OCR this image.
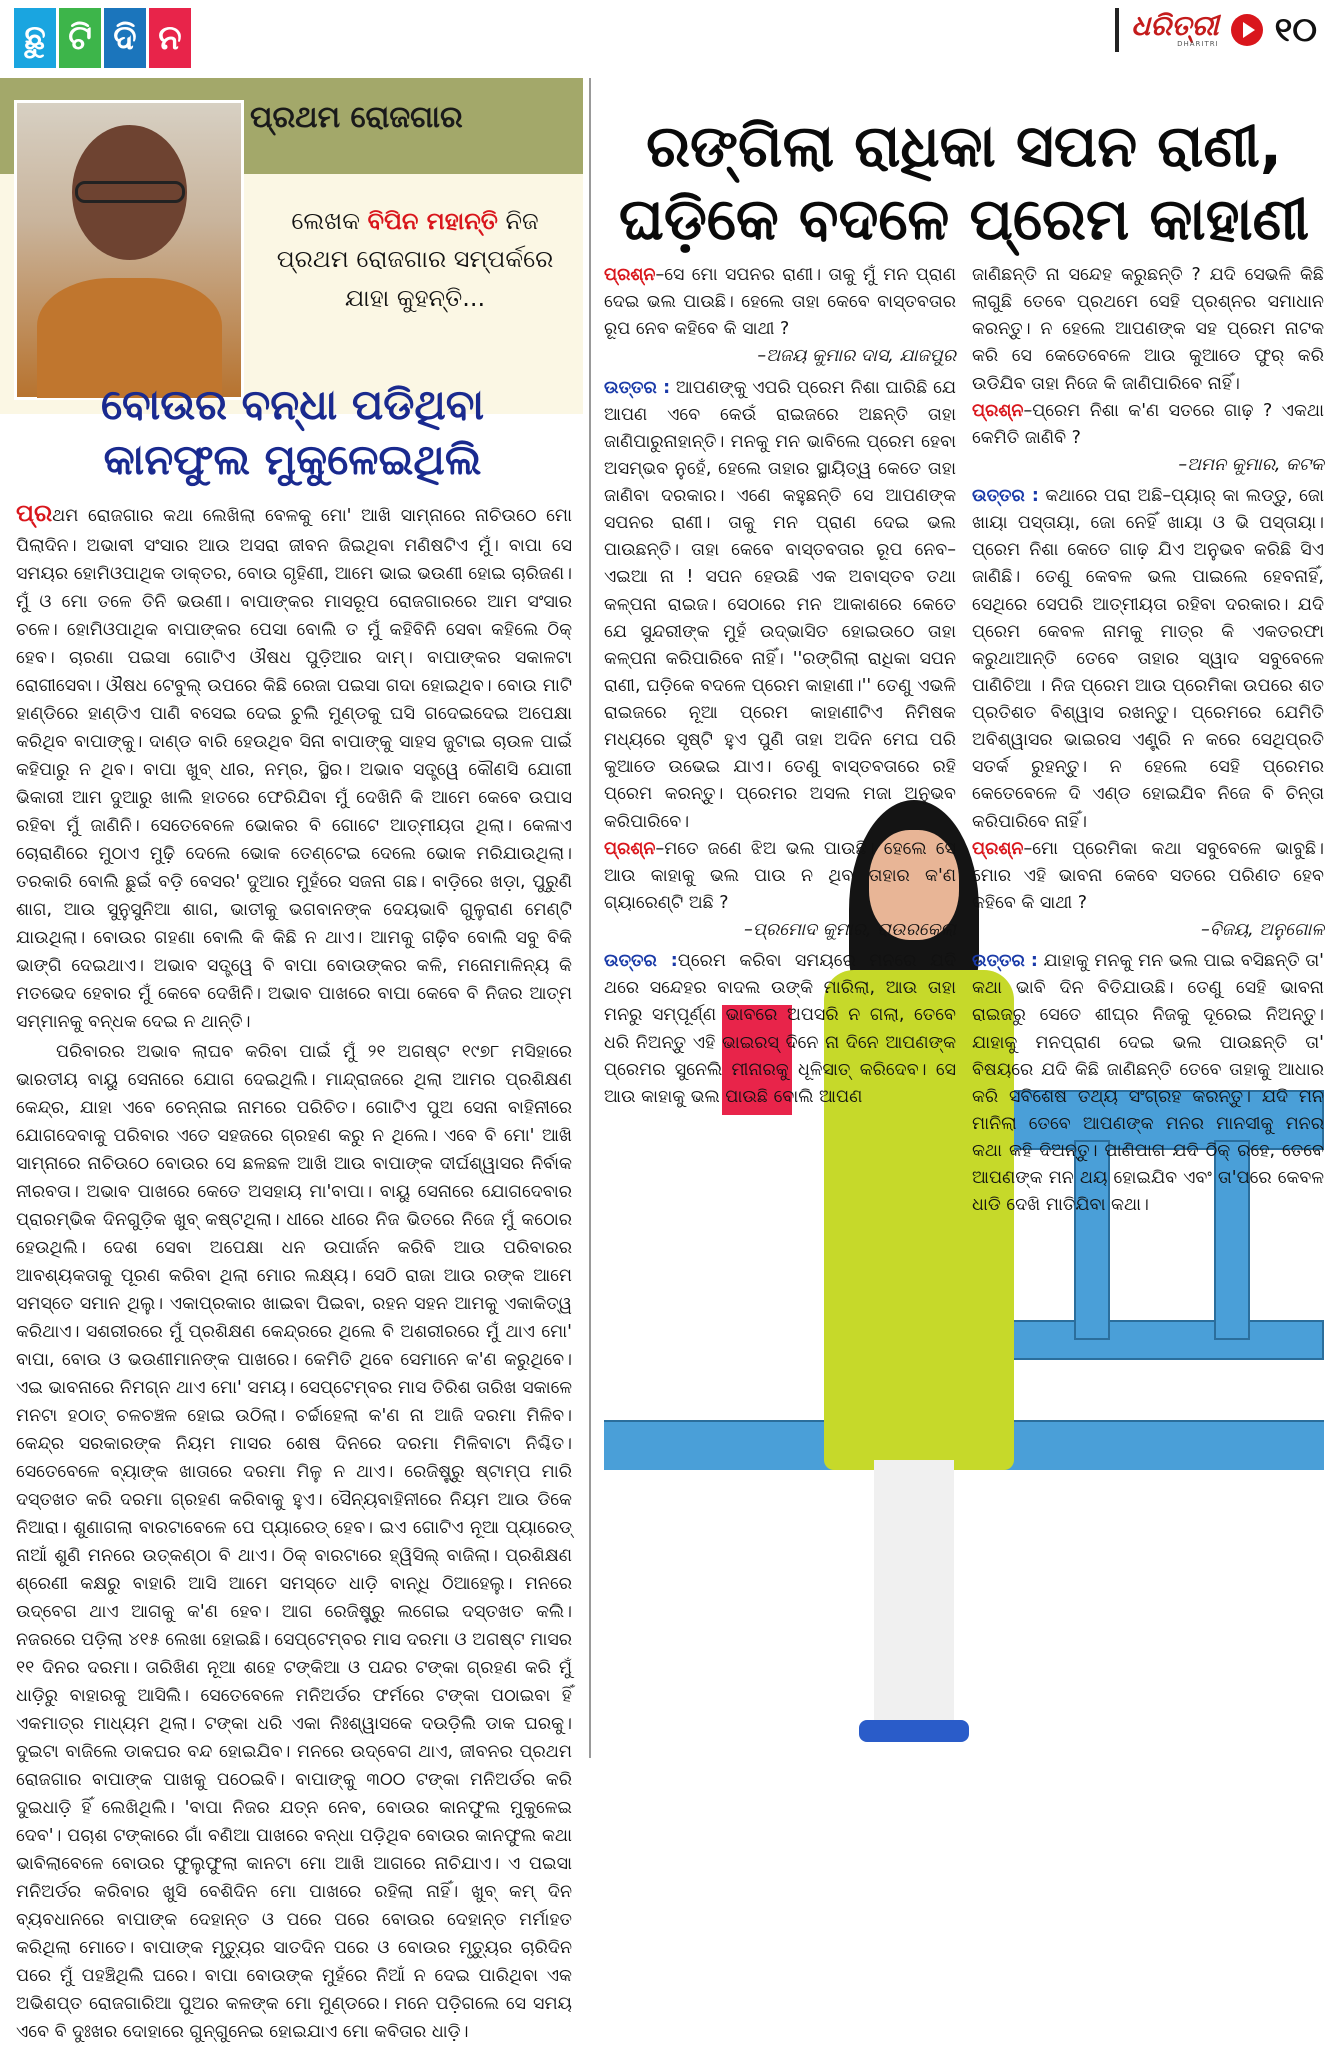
ଛୁ ଟି ଦି ନ	ଧରିତ୍ରୀ
DHARITRI ୧୦
ପ୍ରଥମ ରୋଜଗାର
ଲେଖକ ବିପିନ ମହାନ୍ତି ନିଜ ପ୍ରଥମ ରୋଜଗାର ସମ୍ପର୍କରେ ଯାହା କୁହନ୍ତି...
ବୋଉର ବନ୍ଧା ପଡିଥିବା
କାନଫୁଲ ମୁକୁଳେଇଥିଲି

ପ୍ରଥମ ରୋଜଗାର କଥା ଲେଖିଲା ବେଳକୁ ମୋ' ଆଖି ସାମ୍ନାରେ ନାଚିଉଠେ ମୋ ପିଲାଦିନ। ଅଭାବୀ ସଂସାର ଆଉ ଅସରା ଜୀବନ ଜିଇଥିବା ମଣିଷଟିଏ ମୁଁ। ବାପା ସେ ସମୟର ହୋମିଓପାଥିକ ଡାକ୍ତର, ବୋଉ ଗୃହିଣୀ, ଆମେ ଭାଇ ଭଉଣୀ ହୋଇ ଚାରିଜଣ। ମୁଁ ଓ ମୋ ତଳେ ତିନି ଭଉଣୀ। ବାପାଙ୍କର ମାସରୂପ ରୋଜଗାରରେ ଆମ ସଂସାର ଚଳେ। ହୋମିଓପାଥିକ ବାପାଙ୍କର ପେସା ବୋଲି ତ ମୁଁ କହିବିନି ସେବା କହିଲେ ଠିକ୍ ହେବ। ଚାରଣା ପଇସା ଗୋଟିଏ ଔଷଧ ପୁଡ଼ିଆର ଦାମ୍। ବାପାଙ୍କର ସକାଳଟା ରୋଗୀସେବା। ଔଷଧ ଟେବୁଲ୍ ଉପରେ କିଛି ରେଜା ପଇସା ଗଦା ହୋଇଥିବ। ବୋଉ ମାଟି ହାଣ୍ଡିରେ ହାଣ୍ଡିଏ ପାଣି ବସେଇ ଦେଇ ଚୁଲି ମୁଣ୍ଡକୁ ଘସି ଗଦେଇଦେଇ ଅପେକ୍ଷା କରିଥିବ ବାପାଙ୍କୁ। ଦାଣ୍ଡ ବାରି ହେଉଥିବ ସିନା ବାପାଙ୍କୁ ସାହସ ଜୁଟାଇ ଚାଉଳ ପାଇଁ କହିପାରୁ ନ ଥିବ। ବାପା ଖୁବ୍ ଧୀର, ନମ୍ର, ସ୍ଥିର। ଅଭାବ ସତ୍ତ୍ୱେ କୌଣସି ଯୋଗୀ ଭିକାରୀ ଆମ ଦୁଆରୁ ଖାଲି ହାତରେ ଫେରିଯିବା ମୁଁ ଦେଖିନି କି ଆମେ କେବେ ଉପାସ ରହିବା ମୁଁ ଜାଣିନି। ସେତେବେଳେ ଭୋକର ବି ଗୋଟେ ଆତ୍ମୀୟତା ଥିଲା। କେଳାଏ ଚୋରାଣିରେ ମୁଠାଏ ମୁଢ଼ି ଦେଲେ ଭୋକ ତେଣ୍ଟେଇ ଦେଲେ ଭୋକ ମରିଯାଉଥିଲା। ତରକାରି ବୋଲି ଛୁଇଁ ବଡ଼ି ବେସର' ଦୁଆର ମୁହଁରେ ସଜନା ଗଛ। ବାଡ଼ିରେ ଖଡ଼ା, ପୁରୁଣି ଶାଗ, ଆଉ ସୁନୁସୁନିଆ ଶାଗ, ଭାତୀକୁ ଭଗବାନଙ୍କ ଦେୟଭାବି ଗୁଳୁରାଣ ମେଣ୍ଟି ଯାଉଥିଲା। ବୋଉର ଗହଣା ବୋଲି କି କିଛି ନ ଥାଏ। ଆମକୁ ଗଢ଼ିବ ବୋଲି ସବୁ ବିକି ଭାଙ୍ଗି ଦେଇଥାଏ। ଅଭାବ ସତ୍ତ୍ୱେ ବି ବାପା ବୋଉଙ୍କର କଳି, ମନୋମାଳିନ୍ୟ କି ମତଭେଦ ହେବାର ମୁଁ କେବେ ଦେଖିନି। ଅଭାବ ପାଖରେ ବାପା କେବେ ବି ନିଜର ଆତ୍ମ ସମ୍ମାନକୁ ବନ୍ଧକ ଦେଇ ନ ଥାନ୍ତି।

ପରିବାରର ଅଭାବ ଲାଘବ କରିବା ପାଇଁ ମୁଁ ୨୧ ଅଗଷ୍ଟ ୧୯୭୮ ମସିହାରେ ଭାରତୀୟ ବାୟୁ ସେନାରେ ଯୋଗ ଦେଇଥିଲି। ମାନ୍ଦ୍ରାଜରେ ଥିଲା ଆମର ପ୍ରଶିକ୍ଷଣ କେନ୍ଦ୍ର, ଯାହା ଏବେ ଚେନ୍ନାଇ ନାମରେ ପରିଚିତ। ଗୋଟିଏ ପୁଅ ସେନା ବାହିନୀରେ ଯୋଗଦେବାକୁ ପରିବାର ଏତେ ସହଜରେ ଗ୍ରହଣ କରୁ ନ ଥିଲେ। ଏବେ ବି ମୋ' ଆଖି ସାମ୍ନାରେ ନାଚିଉଠେ ବୋଉର ସେ ଛଳଛଳ ଆଖି ଆଉ ବାପାଙ୍କ ଦୀର୍ଘଶ୍ୱାସର ନିର୍ବାକ ନୀରବତା। ଅଭାବ ପାଖରେ କେତେ ଅସହାୟ ମା'ବାପା। ବାୟୁ ସେନାରେ ଯୋଗଦେବାର ପ୍ରାରମ୍ଭିକ ଦିନଗୁଡ଼ିକ ଖୁବ୍ କଷ୍ଟଥିଲା। ଧୀରେ ଧୀରେ ନିଜ ଭିତରେ ନିଜେ ମୁଁ କଠୋର ହେଉଥିଲି। ଦେଶ ସେବା ଅପେକ୍ଷା ଧନ ଉପାର୍ଜନ କରିବି ଆଉ ପରିବାରର ଆବଶ୍ୟକତାକୁ ପୂରଣ କରିବା ଥିଲା ମୋର ଲକ୍ଷ୍ୟ। ସେଠି ରାଜା ଆଉ ରଙ୍କ ଆମେ ସମସ୍ତେ ସମାନ ଥିଲୁ। ଏକାପ୍ରକାର ଖାଇବା ପିଇବା, ରହନ ସହନ ଆମକୁ ଏକାକିତ୍ୱ କରିଥାଏ। ସଶରୀରରେ ମୁଁ ପ୍ରଶିକ୍ଷଣ କେନ୍ଦ୍ରରେ ଥିଲେ ବି ଅଶରୀରରେ ମୁଁ ଥାଏ ମୋ' ବାପା, ବୋଉ ଓ ଭଉଣୀମାନଙ୍କ ପାଖରେ। କେମିତି ଥିବେ ସେମାନେ କ'ଣ କରୁଥିବେ। ଏଇ ଭାବନାରେ ନିମଗ୍ନ ଥାଏ ମୋ' ସମୟ। ସେପ୍ଟେମ୍ବର ମାସ ତିରିଶ ତାରିଖ ସକାଳେ ମନଟା ହଠାତ୍ ଚଳଚଞ୍ଚଳ ହୋଇ ଉଠିଲା। ଚର୍ଚ୍ଚାହେଲା କ'ଣ ନା ଆଜି ଦରମା ମିଳିବ। କେନ୍ଦ୍ର ସରକାରଙ୍କ ନିୟମ ମାସର ଶେଷ ଦିନରେ ଦରମା ମିଳିବାଟା ନିଶ୍ଚିତ। ସେତେବେଳେ ବ୍ୟାଙ୍କ ଖାତାରେ ଦରମା ମିଳୁ ନ ଥାଏ। ରେଜିଷ୍ଟ୍ରୁ ଷ୍ଟାମ୍ପ ମାରି ଦସ୍ତଖତ କରି ଦରମା ଗ୍ରହଣ କରିବାକୁ ହୁଏ। ସୈନ୍ୟବାହିନୀରେ ନିୟମ ଆଉ ଡିକେ ନିଆରା। ଶୁଣାଗଲା ବାରଟାବେଳେ ପେ ପ୍ୟାରେଡ୍ ହେବ। ଇଏ ଗୋଟିଏ ନୂଆ ପ୍ୟାରେଡ୍ ନାଆଁ ଶୁଣି ମନରେ ଉତ୍କଣ୍ଠା ବି ଥାଏ। ଠିକ୍ ବାରଟାରେ ହ୍ୱିସିଲ୍ ବାଜିଲା। ପ୍ରଶିକ୍ଷଣ ଶ୍ରେଣୀ କକ୍ଷରୁ ବାହାରି ଆସି ଆମେ ସମସ୍ତେ ଧାଡ଼ି ବାନ୍ଧି ଠିଆହେଲୁ। ମନରେ ଉଦ୍‌ବେଗ ଥାଏ ଆଗକୁ କ'ଣ ହେବ। ଆଗ ରେଜିଷ୍ଟ୍ରୁ ଲଗେଇ ଦସ୍ତଖତ କଲି। ନଜରରେ ପଡ଼ିଲା ୪୧୫ ଲେଖା ହୋଇଛି। ସେପ୍ଟେମ୍ବର ମାସ ଦରମା ଓ ଅଗଷ୍ଟ ମାସର ୧୧ ଦିନର ଦରମା। ତାରିଖିଣ ନୂଆ ଶହେ ଟଙ୍କିଆ ଓ ପନ୍ଦର ଟଙ୍କା ଗ୍ରହଣ କରି ମୁଁ ଧାଡ଼ିରୁ ବାହାରକୁ ଆସିଲି। ସେତେବେଳେ ମନିଅର୍ଡର ଫର୍ମରେ ଟଙ୍କା ପଠାଇବା ହିଁ ଏକମାତ୍ର ମାଧ୍ୟମ ଥିଲା। ଟଙ୍କା ଧରି ଏକା ନିଃଶ୍ୱାସକେ ଦଉଡ଼ିଲି ଡାକ ଘରକୁ। ଦୁଇଟା ବାଜିଲେ ଡାକଘର ବନ୍ଦ ହୋଇଯିବ। ମନରେ ଉଦ୍‌ବେଗ ଥାଏ, ଜୀବନର ପ୍ରଥମ ରୋଜଗାର ବାପାଙ୍କ ପାଖକୁ ପଠେଇବି। ବାପାଙ୍କୁ ୩୦୦ ଟଙ୍କା ମନିଅର୍ଡର କରି ଦୁଇଧାଡ଼ି ହିଁ ଲେଖିଥିଲି। 'ବାପା ନିଜର ଯତ୍ନ ନେବ, ବୋଉର କାନଫୁଲ ମୁକୁଳେଇ ଦେବ'। ପଚାଶ ଟଙ୍କାରେ ଗାଁ ବଣିଆ ପାଖରେ ବନ୍ଧା ପଡ଼ିଥିବ ବୋଉର କାନଫୁଲ କଥା ଭାବିଲାବେଳେ ବୋଉର ଫୁଲୁଫୁଲା କାନଟା ମୋ ଆଖି ଆଗରେ ନାଚିଯାଏ। ଏ ପଇସା ମନିଅର୍ଡର କରିବାର ଖୁସି ବେଶିଦିନ ମୋ ପାଖରେ ରହିଲା ନାହିଁ। ଖୁବ୍ କମ୍ ଦିନ ବ୍ୟବଧାନରେ ବାପାଙ୍କ ଦେହାନ୍ତ ଓ ପରେ ପରେ ବୋଉର ଦେହାନ୍ତ ମର୍ମାହତ କରିଥିଲା ମୋତେ। ବାପାଙ୍କ ମୃତ୍ୟୁର ସାତଦିନ ପରେ ଓ ବୋଉର ମୃତ୍ୟୁର ଚାରିଦିନ ପରେ ମୁଁ ପହଞ୍ଚିଥିଲି ଘରେ। ବାପା ବୋଉଙ୍କ ମୁହଁରେ ନିଆଁ ନ ଦେଇ ପାରିଥିବା ଏକ ଅଭିଶପ୍ତ ରୋଜଗାରିଆ ପୁଅର କଳଙ୍କ ମୋ ମୁଣ୍ଡରେ। ମନେ ପଡ଼ିଗଲେ ସେ ସମୟ ଏବେ ବି ଦୁଃଖର ଦୋହାରେ ଗୁନ୍‌ଗୁନେଇ ହୋଇଯାଏ ମୋ କବିତାର ଧାଡ଼ି।

ରଙ୍ଗିଲା ରାଧିକା ସପନ ରାଣୀ,
ଘଡ଼ିକେ ବଦଳେ ପ୍ରେମ କାହାଣୀ
ପ୍ରଶ୍ନ–ସେ ମୋ ସପନର ରାଣୀ। ତାକୁ ମୁଁ ମନ ପ୍ରାଣ ଦେଇ ଭଲ ପାଉଛି। ହେଲେ ତାହା କେବେ ବାସ୍ତବତାର ରୂପ ନେବ କହିବେ କି ସାଥୀ ?
–ଅଜୟ କୁମାର ଦାସ, ଯାଜପୁର
ଉତ୍ତର : ଆପଣଙ୍କୁ ଏପରି ପ୍ରେମ ନିଶା ଘାରିଛି ଯେ ଆପଣ ଏବେ କେଉଁ ରାଇଜରେ ଅଛନ୍ତି ତାହା ଜାଣିପାରୁନାହାନ୍ତି। ମନକୁ ମନ ଭାବିଲେ ପ୍ରେମ ହେବା ଅସମ୍ଭବ ନୁହେଁ, ହେଲେ ତାହାର ସ୍ଥାୟିତ୍ୱ କେତେ ତାହା ଜାଣିବା ଦରକାର। ଏଣେ କହୁଛନ୍ତି ସେ ଆପଣଙ୍କ ସପନର ରାଣୀ। ତାକୁ ମନ ପ୍ରାଣ ଦେଇ ଭଲ ପାଉଛନ୍ତି। ତାହା କେବେ ବାସ୍ତବତାର ରୂପ ନେବ–ଏଇଆ ନା ! ସପନ ହେଉଛି ଏକ ଅବାସ୍ତବ ତଥା କଳ୍ପନା ରାଇଜ। ସେଠାରେ ମନ ଆକାଶରେ କେତେ ଯେ ସୁନ୍ଦରୀଙ୍କ ମୁହଁ ଉଦ୍ଭାସିତ ହୋଇଉଠେ ତାହା କଳ୍ପନା କରିପାରିବେ ନାହିଁ। ''ରଙ୍ଗିଲା ରାଧିକା ସପନ ରାଣୀ, ଘଡ଼ିକେ ବଦଳେ ପ୍ରେମ କାହାଣୀ।'' ତେଣୁ ଏଭଳି ରାଇଜରେ ନୂଆ ପ୍ରେମ କାହାଣୀଟିଏ ନିମିଷକ ମଧ୍ୟରେ ସୃଷ୍ଟି ହୁଏ ପୁଣି ତାହା ଅଦିନ ମେଘ ପରି କୁଆଡେ ଉଭେଇ ଯାଏ। ତେଣୁ ବାସ୍ତବତାରେ ରହି ପ୍ରେମ କରନ୍ତୁ। ପ୍ରେମର ଅସଲ ମଜା ଅନୁଭବ କରିପାରିବେ।
ପ୍ରଶ୍ନ–ମତେ ଜଣେ ଝିଅ ଭଲ ପାଉଛି। ହେଲେ ସେ ଆଉ କାହାକୁ ଭଲ ପାଉ ନ ଥିବ ତାହାର କ'ଣ ଗ୍ୟାରେଣ୍ଟି ଅଛି ?
–ପ୍ରମୋଦ କୁମାର, ରାଉରକେଲା
ଉତ୍ତର :ପ୍ରେମ କରିବା ସମୟରେ ମନରେ ଯଦି ଥରେ ସନ୍ଦେହର ବାଦଲ ଉଙ୍କି ମାରିଲା, ଆଉ ତାହା ମନରୁ ସମ୍ପୂର୍ଣ୍ଣ ଭାବରେ ଅପସରି ନ ଗଲା, ତେବେ ଧରି ନିଅନ୍ତୁ ଏହି ଭାଇରସ୍ ଦିନେ ନା ଦିନେ ଆପଣଙ୍କ ପ୍ରେମର ସୁନେଲି ମୀନାରକୁ ଧୂଳିସାତ୍ କରିଦେବ। ସେ ଆଉ କାହାକୁ ଭଲ ପାଉଛି ବୋଲି ଆପଣ
ଜାଣିଛନ୍ତି ନା ସନ୍ଦେହ କରୁଛନ୍ତି ? ଯଦି ସେଭଳି କିଛି ଲାଗୁଛି ତେବେ ପ୍ରଥମେ ସେହି ପ୍ରଶ୍ନର ସମାଧାନ କରନ୍ତୁ। ନ ହେଲେ ଆପଣଙ୍କ ସହ ପ୍ରେମ ନାଟକ କରି ସେ କେତେବେଳେ ଆଉ କୁଆଡେ ଫୁର୍ କରି ଉଡିଯିବ ତାହା ନିଜେ କି ଜାଣିପାରିବେ ନାହିଁ।
ପ୍ରଶ୍ନ–ପ୍ରେମ ନିଶା କ'ଣ ସତରେ ଗାଢ଼ ? ଏକଥା କେମିତି ଜାଣିବି ?
–ଅମନ କୁମାର, କଟକ
ଉତ୍ତର : କଥାରେ ପରା ଅଛି–ପ୍ୟାର୍ କା ଲଡ୍ଡୁ, ଜୋ ଖାୟା ପସ୍ତାୟା, ଜୋ ନେହିଁ ଖାୟା ଓ ଭି ପସ୍ତାୟା। ପ୍ରେମ ନିଶା କେତେ ଗାଢ଼ ଯିଏ ଅନୁଭବ କରିଛି ସିଏ ଜାଣିଛି। ତେଣୁ କେବଳ ଭଲ ପାଇଲେ ହେବନାହିଁ, ସେଥିରେ ସେପରି ଆତ୍ମୀୟତା ରହିବା ଦରକାର। ଯଦି ପ୍ରେମ କେବଳ ନାମକୁ ମାତ୍ର କି ଏକତରଫା କରୁଥାଆନ୍ତି ତେବେ ତାହାର ସ୍ୱାଦ ସବୁବେଳେ ପାଣିଚିଆ । ନିଜ ପ୍ରେମ ଆଉ ପ୍ରେମିକା ଉପରେ ଶତ ପ୍ରତିଶତ ବିଶ୍ୱାସ ରଖନ୍ତୁ। ପ୍ରେମରେ ଯେମିତି ଅବିଶ୍ୱାସର ଭାଇରସ ଏଣ୍ଟ୍ରି ନ କରେ ସେଥିପ୍ରତି ସତର୍କ ରୁହନ୍ତୁ। ନ ହେଲେ ସେହି ପ୍ରେମର କେତେବେଳେ ଦି ଏଣ୍ଡ ହୋଇଯିବ ନିଜେ ବି ଚିନ୍ତା କରିପାରିବେ ନାହିଁ।
ପ୍ରଶ୍ନ–ମୋ ପ୍ରେମିକା କଥା ସବୁବେଳେ ଭାବୁଛି। ମୋର ଏହି ଭାବନା କେବେ ସତରେ ପରିଣତ ହେବ କହିବେ କି ସାଥୀ ?
–ବିଜୟ, ଅନୁଗୋଳ
ଉତ୍ତର : ଯାହାକୁ ମନକୁ ମନ ଭଲ ପାଇ ବସିଛନ୍ତି ତା' କଥା ଭାବି ଦିନ ବିତିଯାଉଛି। ତେଣୁ ସେହି ଭାବନା ରାଇଜରୁ ସେତେ ଶୀଘ୍ର ନିଜକୁ ଦୂରେଇ ନିଅନ୍ତୁ। ଯାହାକୁ ମନପ୍ରାଣ ଦେଇ ଭଲ ପାଉଛନ୍ତି ତା' ବିଷୟରେ ଯଦି କିଛି ଜାଣିଛନ୍ତି ତେବେ ତାହାକୁ ଆଧାର କରି ସବିଶେଷ ତଥ୍ୟ ସଂଗ୍ରହ କରନ୍ତୁ। ଯଦି ମନ ମାନିଲା ତେବେ ଆପଣଙ୍କ ମନର ମାନସୀକୁ ମନର କଥା କହି ଦିଅନ୍ତୁ। ପାଣିପାଗ ଯଦି ଠିକ୍ ରହେ, ତେବେ ଆପଣଙ୍କ ମନ ଥୟ ହୋଇଯିବ ଏବଂ ତା'ପରେ କେବଳ ଧାଡି ଦେଖି ମାତିଯିବା କଥା।
